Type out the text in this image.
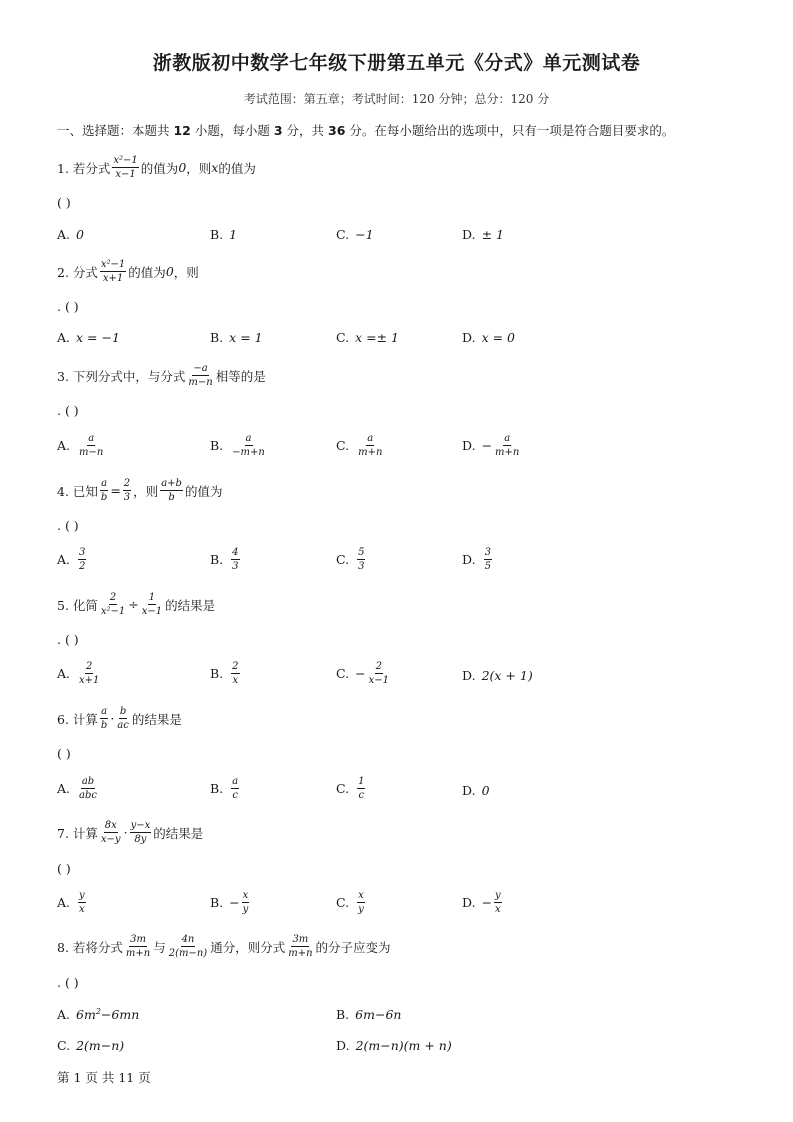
浙教版初中数学七年级下册第五单元《分式》单元测试卷
考试范围：第五章；考试时间：120 分钟；总分：120 分
一、选择题：本题共 12 小题，每小题 3 分，共 36 分。在每小题给出的选项中，只有一项是符合题目要求的。
1. 若分式 $\frac{\text{x²−1}}{x-1}$ 的值为 0 ，则 x 的值为
( )
A. 0	B. 1	C. −1	D. ± 1
2. 分式 $\frac{\text{x²−1}}{x+1}$ 的值为 0 ，则
. ( )
A. x = −1	B. x = 1	C. x =± 1	D. x = 0
3. 下列分式中，与分式 $\frac{-a}{m-n}$ 相等的是
. ( )
A. $\frac{a}{m-n}$	B. $\frac{a}{-m+n}$	C. $\frac{a}{m+n}$	D. − $\frac{a}{m+n}$
4. 已知 $\frac{a}{b} = \frac{2}{3}$ ，则 $\frac{a+b}{b}$ 的值为
. ( )
A. $\frac{3}{2}$	B. $\frac{4}{3}$	C. $\frac{5}{3}$	D. $\frac{3}{5}$
5. 化简 $\frac{2}{\text{x²−1}} \div \frac{1}{x-1}$ 的结果是
. ( )
A. $\frac{2}{x+1}$	B. $\frac{2}{x}$	C. − $\frac{2}{x-1}$	D. 2(x + 1)
6. 计算 $\frac{a}{b} \cdot \frac{b}{ac}$ 的结果是
( )
A. $\frac{ab}{\text{abc}}$	B. $\frac{a}{c}$	C. $\frac{1}{c}$	D. 0
7. 计算 $\frac{8x}{x-y} \cdot \frac{y-x}{8y}$ 的结果是
( )
A. $\frac{y}{x}$	B. − $\frac{x}{y}$	C. $\frac{x}{y}$	D. − $\frac{y}{x}$
8. 若将分式 $\frac{3m}{m+n}$ 与 $\frac{4n}{2(m-n)}$ 通分，则分式 $\frac{3m}{m+n}$ 的分子应变为
. ( )
A. $6m^2-6mn$	B. 6m−6n
C. 2(m−n)	D. 2(m−n)(m + n)
第 1 页 共 11 页
